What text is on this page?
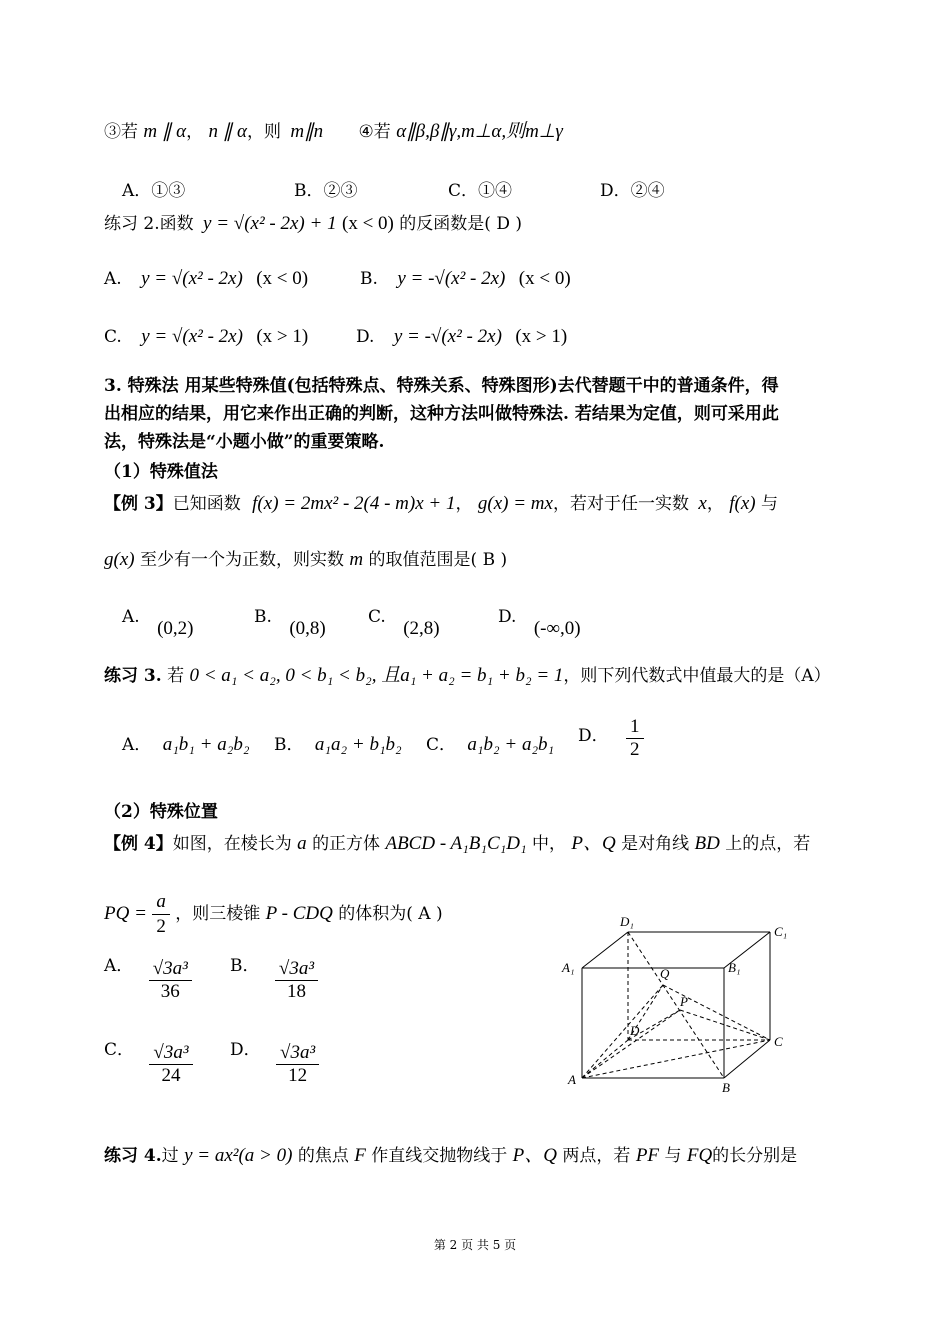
③若 m ∥ α， n ∥ α，则 m∥n ④若 α∥β,β∥γ,m⊥α,则m⊥γ
A．①③	B．②③	C．①④	D．②④
练习 2.函数 y = √(x² - 2x) + 1 (x < 0) 的反函数是( D )
A. y = √(x² - 2x) (x < 0)	B. y = -√(x² - 2x) (x < 0)
C. y = √(x² - 2x) (x > 1)	D. y = -√(x² - 2x) (x > 1)
3. 特殊法 用某些特殊值(包括特殊点、特殊关系、特殊图形)去代替题干中的普通条件，得
出相应的结果，用它来作出正确的判断，这种方法叫做特殊法. 若结果为定值，则可采用此
法，特殊法是“小题小做”的重要策略.
（1）特殊值法
【例 3】已知函数 f(x) = 2mx² - 2(4 - m)x + 1， g(x) = mx，若对于任一实数 x， f(x) 与
g(x) 至少有一个为正数，则实数 m 的取值范围是( B )
A. (0,2)
B. (0,8)
C. (2,8)
D. (-∞,0)
练习 3. 若 0 < a₁ < a₂, 0 < b₁ < b₂, 且a₁ + a₂ = b₁ + b₂ = 1，则下列代数式中值最大的是（A）
A． a₁b₁ + a₂b₂ B． a₁a₂ + b₁b₂ C． a₁b₂ + a₂b₁ D． $\frac{1}{2}$
（2）特殊位置
【例 4】如图，在棱长为 a 的正方体 ABCD - A₁B₁C₁D₁ 中， P、Q 是对角线 BD 上的点，若
PQ = $\frac{a}{2}$ ，则三棱锥 P - CDQ 的体积为( A )
A． $\frac{\text{√3a³}}{36}$ B． $\frac{\text{√3a³}}{18}$
C． $\frac{\text{√3a³}}{24}$ D． $\frac{\text{√3a³}}{12}$
D₁
C₁
A₁	B₁
Q
P
D
C
A
B
练习 4.过 y = ax²(a > 0) 的焦点 F 作直线交抛物线于 P、Q 两点，若 PF 与 FQ的长分别是
第 2 页 共 5 页
